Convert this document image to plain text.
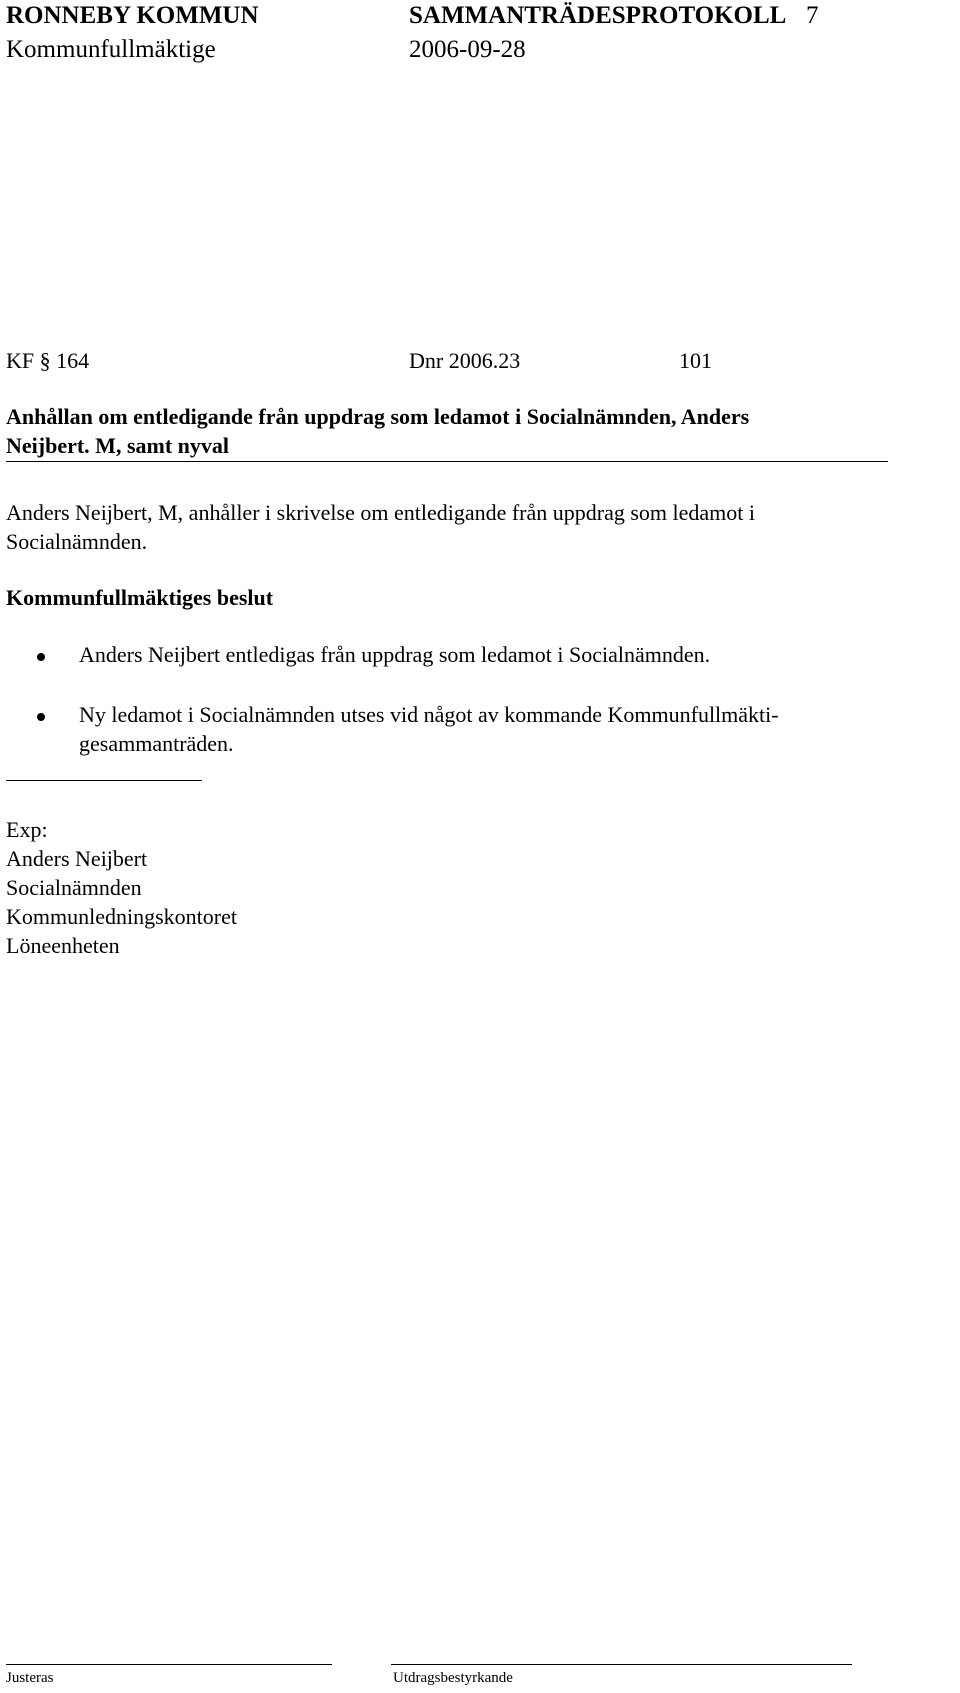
RONNEBY KOMMUN	SAMMANTRÄDESPROTOKOLL 7
Kommunfullmäktige	2006-09-28
KF § 164	Dnr 2006.23	101
Anhållan om entledigande från uppdrag som ledamot i Socialnämnden, Anders
Neijbert. M, samt nyval
Anders Neijbert, M, anhåller i skrivelse om entledigande från uppdrag som ledamot i
Socialnämnden.
Kommunfullmäktiges beslut
Anders Neijbert entledigas från uppdrag som ledamot i Socialnämnden.
Ny ledamot i Socialnämnden utses vid något av kommande Kommunfullmäkti-
gesammanträden.
Exp:
Anders Neijbert
Socialnämnden
Kommunledningskontoret
Löneenheten
Justeras	Utdragsbestyrkande
